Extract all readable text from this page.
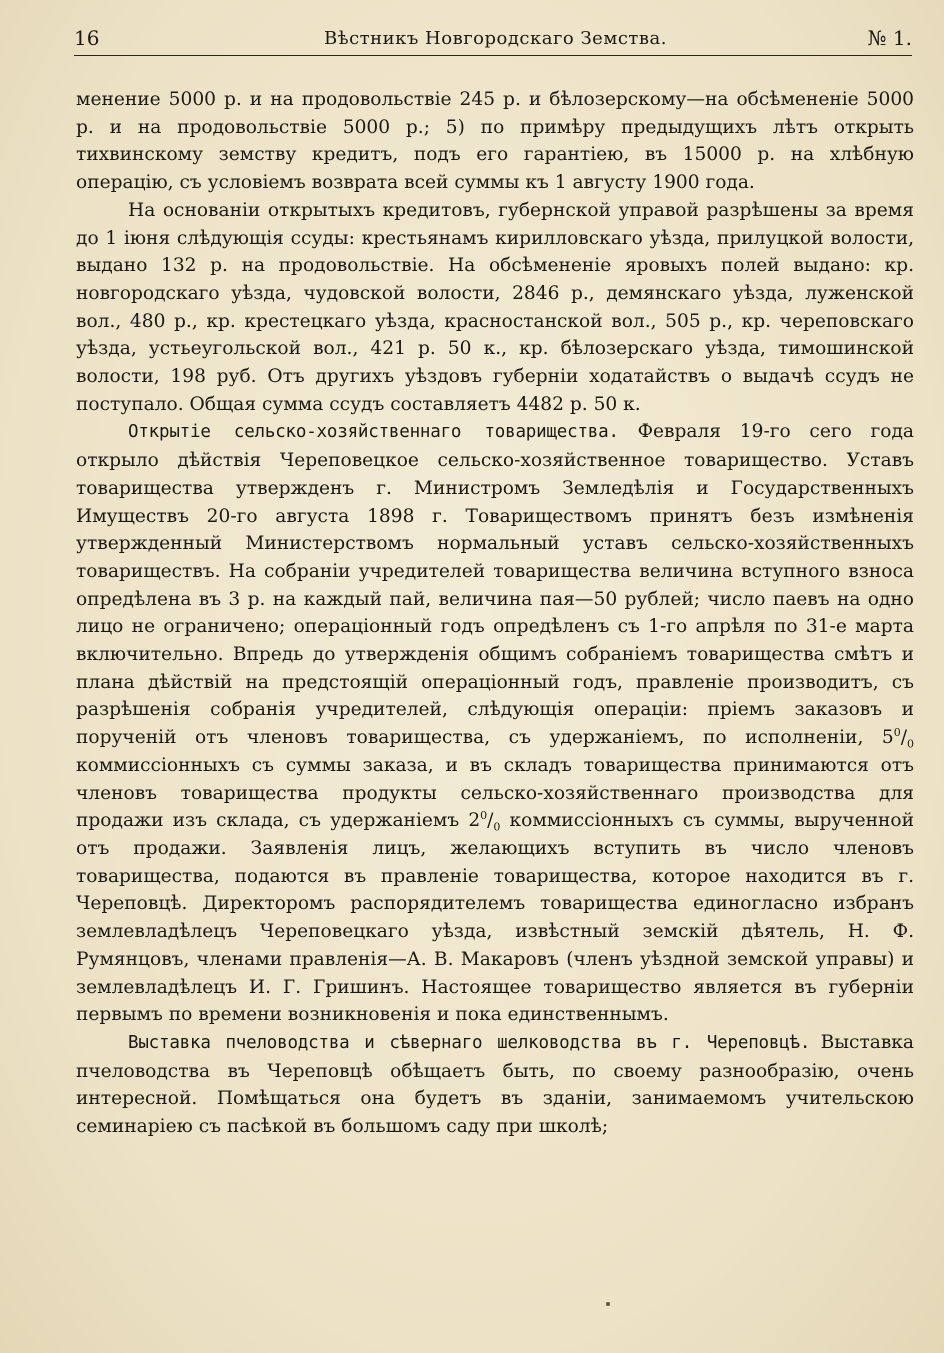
16	Вѣстникъ Новгородскаго Земства.	№ 1.

менение 5000 р. и на продовольствіе 245 р. и бѣлозерскому—на обсѣмененіе 5000 р. и на продовольствіе 5000 р.; 5) по примѣру предыдущихъ лѣтъ открыть тихвинскому земству кредитъ, подъ его гарантіею, въ 15000 р. на хлѣбную операцію, съ условіемъ возврата всей суммы къ 1 августу 1900 года.

На основаніи открытыхъ кредитовъ, губернской управой разрѣшены за время до 1 іюня слѣдующія ссуды: крестьянамъ кирилловскаго уѣзда, прилуцкой волости, выдано 132 р. на продовольствіе. На обсѣмененіе яровыхъ полей выдано: кр. новгородскаго уѣзда, чудовской волости, 2846 р., демянскаго уѣзда, луженской вол., 480 р., кр. крестецкаго уѣзда, красностанской вол., 505 р., кр. череповскаго уѣзда, устьеугольской вол., 421 р. 50 к., кр. бѣлозерскаго уѣзда, тимошинской волости, 198 руб. Отъ другихъ уѣздовъ губерніи ходатайствъ о выдачѣ ссудъ не поступало. Общая сумма ссудъ составляетъ 4482 р. 50 к.

Открытіе сельско-хозяйственнаго товарищества. Февраля 19-го сего года открыло дѣйствія Череповецкое сельско-хозяйственное товарищество. Уставъ товарищества утвержденъ г. Министромъ Земледѣлія и Государственныхъ Имуществъ 20-го августа 1898 г. Товариществомъ принятъ безъ измѣненія утвержденный Министерствомъ нормальный уставъ сельско-хозяйственныхъ товариществъ. На собраніи учредителей товарищества величина вступного взноса опредѣлена въ 3 р. на каждый пай, величина пая—50 рублей; число паевъ на одно лицо не ограничено; операціонный годъ опредѣленъ съ 1-го апрѣля по 31-е марта включительно. Впредь до утвержденія общимъ собраніемъ товарищества смѣтъ и плана дѣйствій на предстоящій операціонный годъ, правленіе производитъ, съ разрѣшенія собранія учредителей, слѣдующія операціи: пріемъ заказовъ и порученій отъ членовъ товарищества, съ удержаніемъ, по исполненіи, $5^0/_0$ коммиссіонныхъ съ суммы заказа, и въ складъ товарищества принимаются отъ членовъ товарищества продукты сельско-хозяйственнаго производства для продажи изъ склада, съ удержаніемъ $2^0/_0$ коммиссіонныхъ съ суммы, вырученной отъ продажи. Заявленія лицъ, желающихъ вступить въ число членовъ товарищества, подаются въ правленіе товарищества, которое находится въ г. Череповцѣ. Директоромъ распорядителемъ товарищества единогласно избранъ землевладѣлецъ Череповецкаго уѣзда, извѣстный земскій дѣятель, Н. Ф. Румянцовъ, членами правленія—А. В. Макаровъ (членъ уѣздной земской управы) и землевладѣлецъ И. Г. Гришинъ. Настоящее товарищество является въ губерніи первымъ по времени возникновенія и пока единственнымъ.

Выставка пчеловодства и сѣвернаго шелководства въ г. Череповцѣ. Выставка пчеловодства въ Череповцѣ обѣщаетъ быть, по своему разнообразію, очень интересной. Помѣщаться она будетъ въ зданіи, занимаемомъ учительскою семинаріею съ пасѣкой въ большомъ саду при школѣ;
